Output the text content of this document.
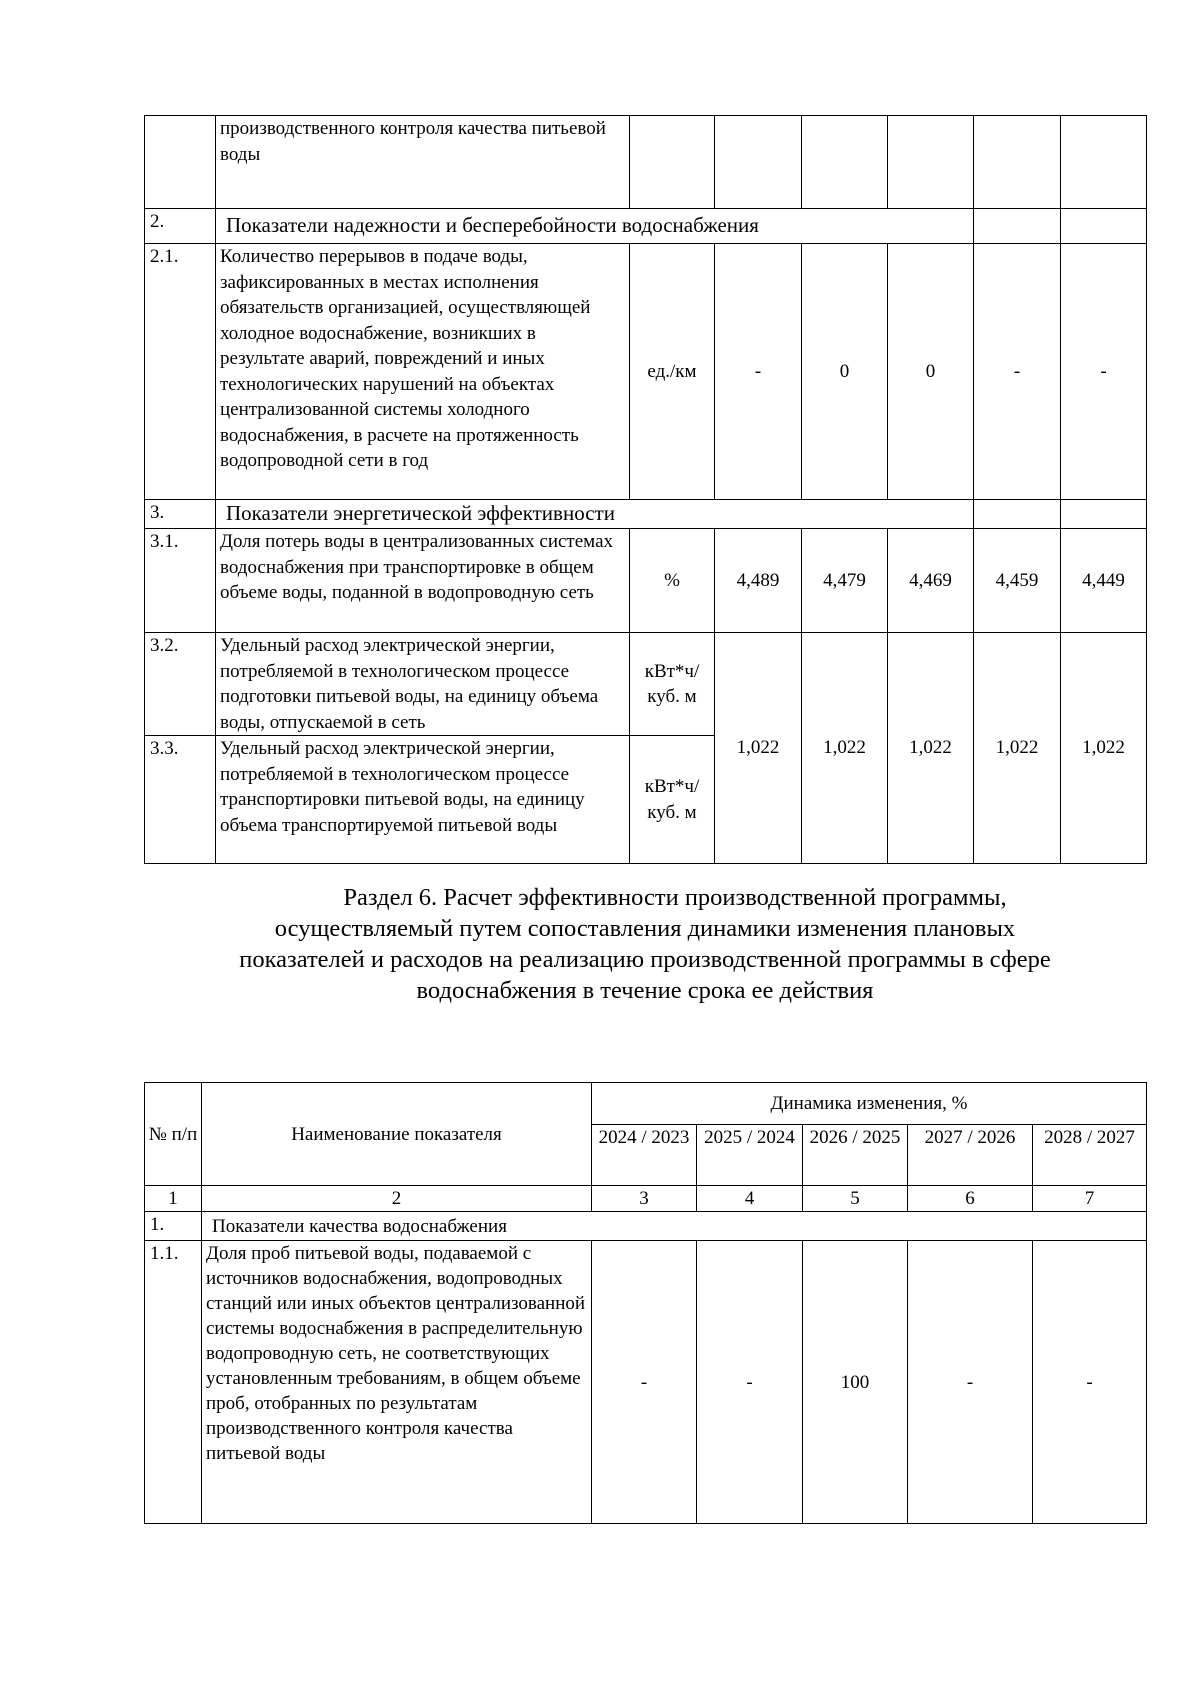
	производственного контроля качества питьевой воды						
2.	Показатели надежности и бесперебойности водоснабжения						
2.1.	Количество перерывов в подаче воды, зафиксированных в местах исполнения обязательств организацией, осуществляющей холодное водоснабжение, возникших в результате аварий, повреждений и иных технологических нарушений на объектах централизованной системы холодного водоснабжения, в расчете на протяженность водопроводной сети в год	ед./км	-	0	0	-	-
3.	Показатели энергетической эффективности						
3.1.	Доля потерь воды в централизованных системах водоснабжения при транспортировке в общем объеме воды, поданной в водопроводную сеть	%	4,489	4,479	4,469	4,459	4,449
3.2.	Удельный расход электрической энергии, потребляемой в технологическом процессе подготовки питьевой воды, на единицу объема воды, отпускаемой в сеть	кВт*ч/ куб. м	1,022	1,022	1,022	1,022	1,022
3.3.	Удельный расход электрической энергии, потребляемой в технологическом процессе транспортировки питьевой воды, на единицу объема транспортируемой питьевой воды	кВт*ч/ куб. м					
Раздел 6. Расчет эффективности производственной программы,
осуществляемый путем сопоставления динамики изменения плановых
показателей и расходов на реализацию производственной программы в сфере
водоснабжения в течение срока ее действия
№ п/п	Наименование показателя	Динамика изменения, %				
		2024 / 2023	2025 / 2024	2026 / 2025	2027 / 2026	2028 / 2027
1	2	3	4	5	6	7
1.	Показатели качества водоснабжения					
1.1.	Доля проб питьевой воды, подаваемой с источников водоснабжения, водопроводных станций или иных объектов централизованной системы водоснабжения в распределительную водопроводную сеть, не соответствующих установленным требованиям, в общем объеме проб, отобранных по результатам производственного контроля качества питьевой воды	-	-	100	-	-
